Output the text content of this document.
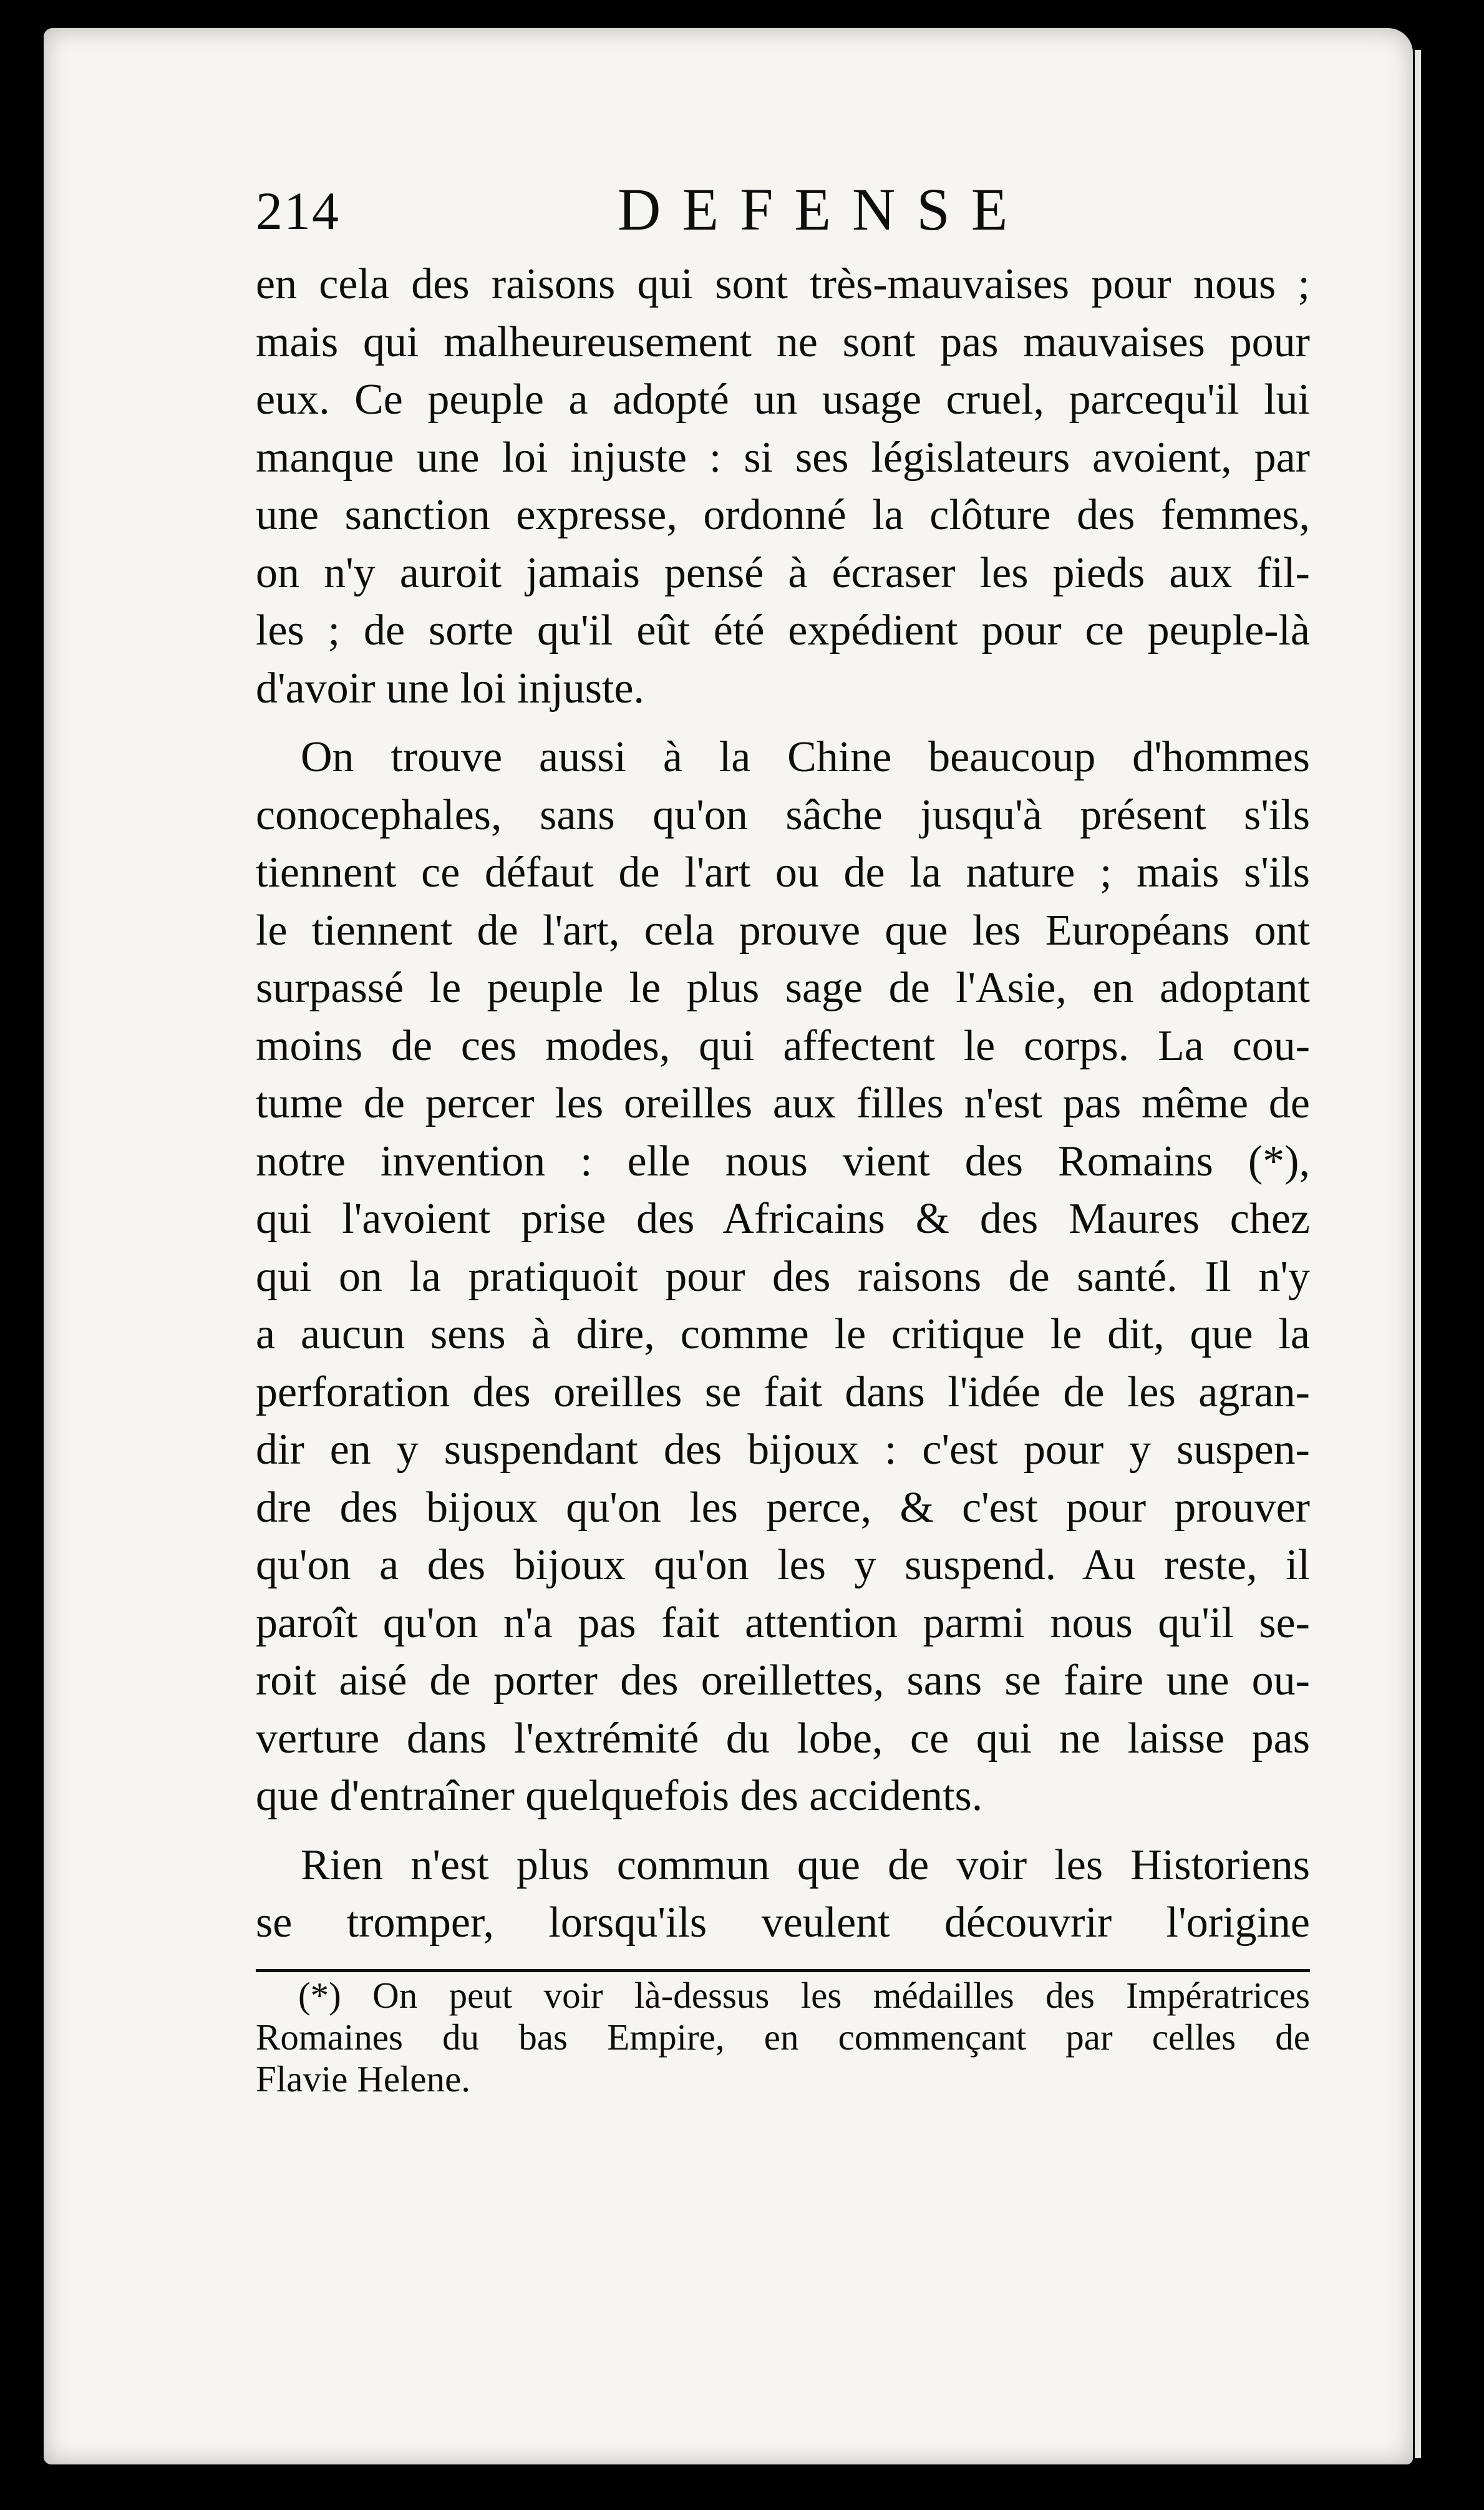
214	DEFENSE

en cela des raisons qui sont très-mauvaises pour nous ;
mais qui malheureusement ne sont pas mauvaises pour
eux. Ce peuple a adopté un usage cruel, parcequ'il lui
manque une loi injuste : si ses législateurs avoient, par
une sanction expresse, ordonné la clôture des femmes,
on n'y auroit jamais pensé à écraser les pieds aux fil-
les ; de sorte qu'il eût été expédient pour ce peuple-là
d'avoir une loi injuste.

On trouve aussi à la Chine beaucoup d'hommes
conocephales, sans qu'on sâche jusqu'à présent s'ils
tiennent ce défaut de l'art ou de la nature ; mais s'ils
le tiennent de l'art, cela prouve que les Européans ont
surpassé le peuple le plus sage de l'Asie, en adoptant
moins de ces modes, qui affectent le corps. La cou-
tume de percer les oreilles aux filles n'est pas même de
notre invention : elle nous vient des Romains (*),
qui l'avoient prise des Africains & des Maures chez
qui on la pratiquoit pour des raisons de santé. Il n'y
a aucun sens à dire, comme le critique le dit, que la
perforation des oreilles se fait dans l'idée de les agran-
dir en y suspendant des bijoux : c'est pour y suspen-
dre des bijoux qu'on les perce, & c'est pour prouver
qu'on a des bijoux qu'on les y suspend. Au reste, il
paroît qu'on n'a pas fait attention parmi nous qu'il se-
roit aisé de porter des oreillettes, sans se faire une ou-
verture dans l'extrémité du lobe, ce qui ne laisse pas
que d'entraîner quelquefois des accidents.

Rien n'est plus commun que de voir les Historiens
se tromper, lorsqu'ils veulent découvrir l'origine

(*) On peut voir là-dessus les médailles des Impératrices
Romaines du bas Empire, en commençant par celles de
Flavie Helene.
